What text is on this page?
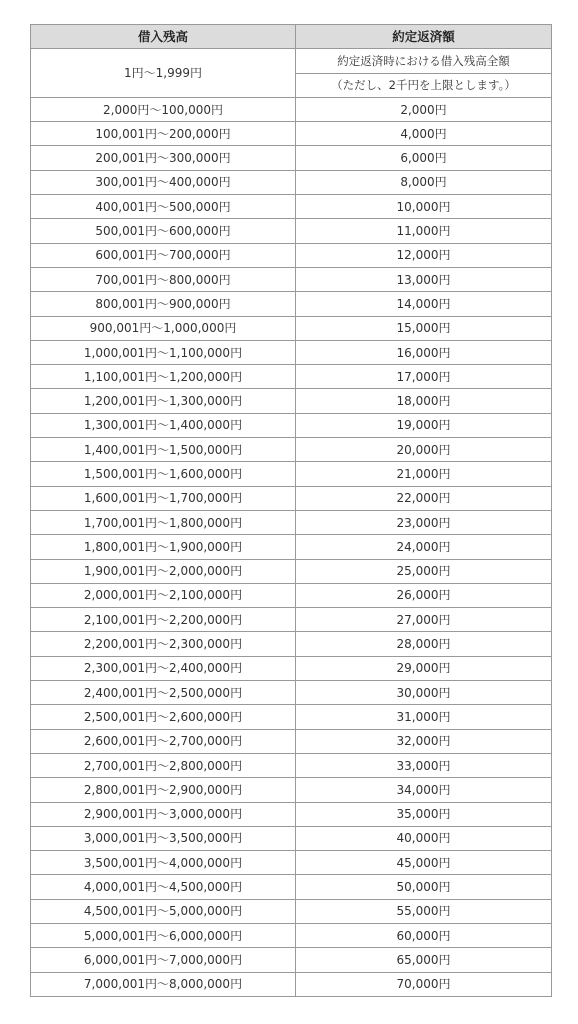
借入残高	約定返済額
1円～1,999円	約定返済時における借入残高全額
	（ただし、2千円を上限とします。）
2,000円～100,000円	2,000円
100,001円～200,000円	4,000円
200,001円～300,000円	6,000円
300,001円～400,000円	8,000円
400,001円～500,000円	10,000円
500,001円～600,000円	11,000円
600,001円～700,000円	12,000円
700,001円～800,000円	13,000円
800,001円～900,000円	14,000円
900,001円～1,000,000円	15,000円
1,000,001円～1,100,000円	16,000円
1,100,001円～1,200,000円	17,000円
1,200,001円～1,300,000円	18,000円
1,300,001円～1,400,000円	19,000円
1,400,001円～1,500,000円	20,000円
1,500,001円～1,600,000円	21,000円
1,600,001円～1,700,000円	22,000円
1,700,001円～1,800,000円	23,000円
1,800,001円～1,900,000円	24,000円
1,900,001円～2,000,000円	25,000円
2,000,001円～2,100,000円	26,000円
2,100,001円～2,200,000円	27,000円
2,200,001円～2,300,000円	28,000円
2,300,001円～2,400,000円	29,000円
2,400,001円～2,500,000円	30,000円
2,500,001円～2,600,000円	31,000円
2,600,001円～2,700,000円	32,000円
2,700,001円～2,800,000円	33,000円
2,800,001円～2,900,000円	34,000円
2,900,001円～3,000,000円	35,000円
3,000,001円～3,500,000円	40,000円
3,500,001円～4,000,000円	45,000円
4,000,001円～4,500,000円	50,000円
4,500,001円～5,000,000円	55,000円
5,000,001円～6,000,000円	60,000円
6,000,001円～7,000,000円	65,000円
7,000,001円～8,000,000円	70,000円
